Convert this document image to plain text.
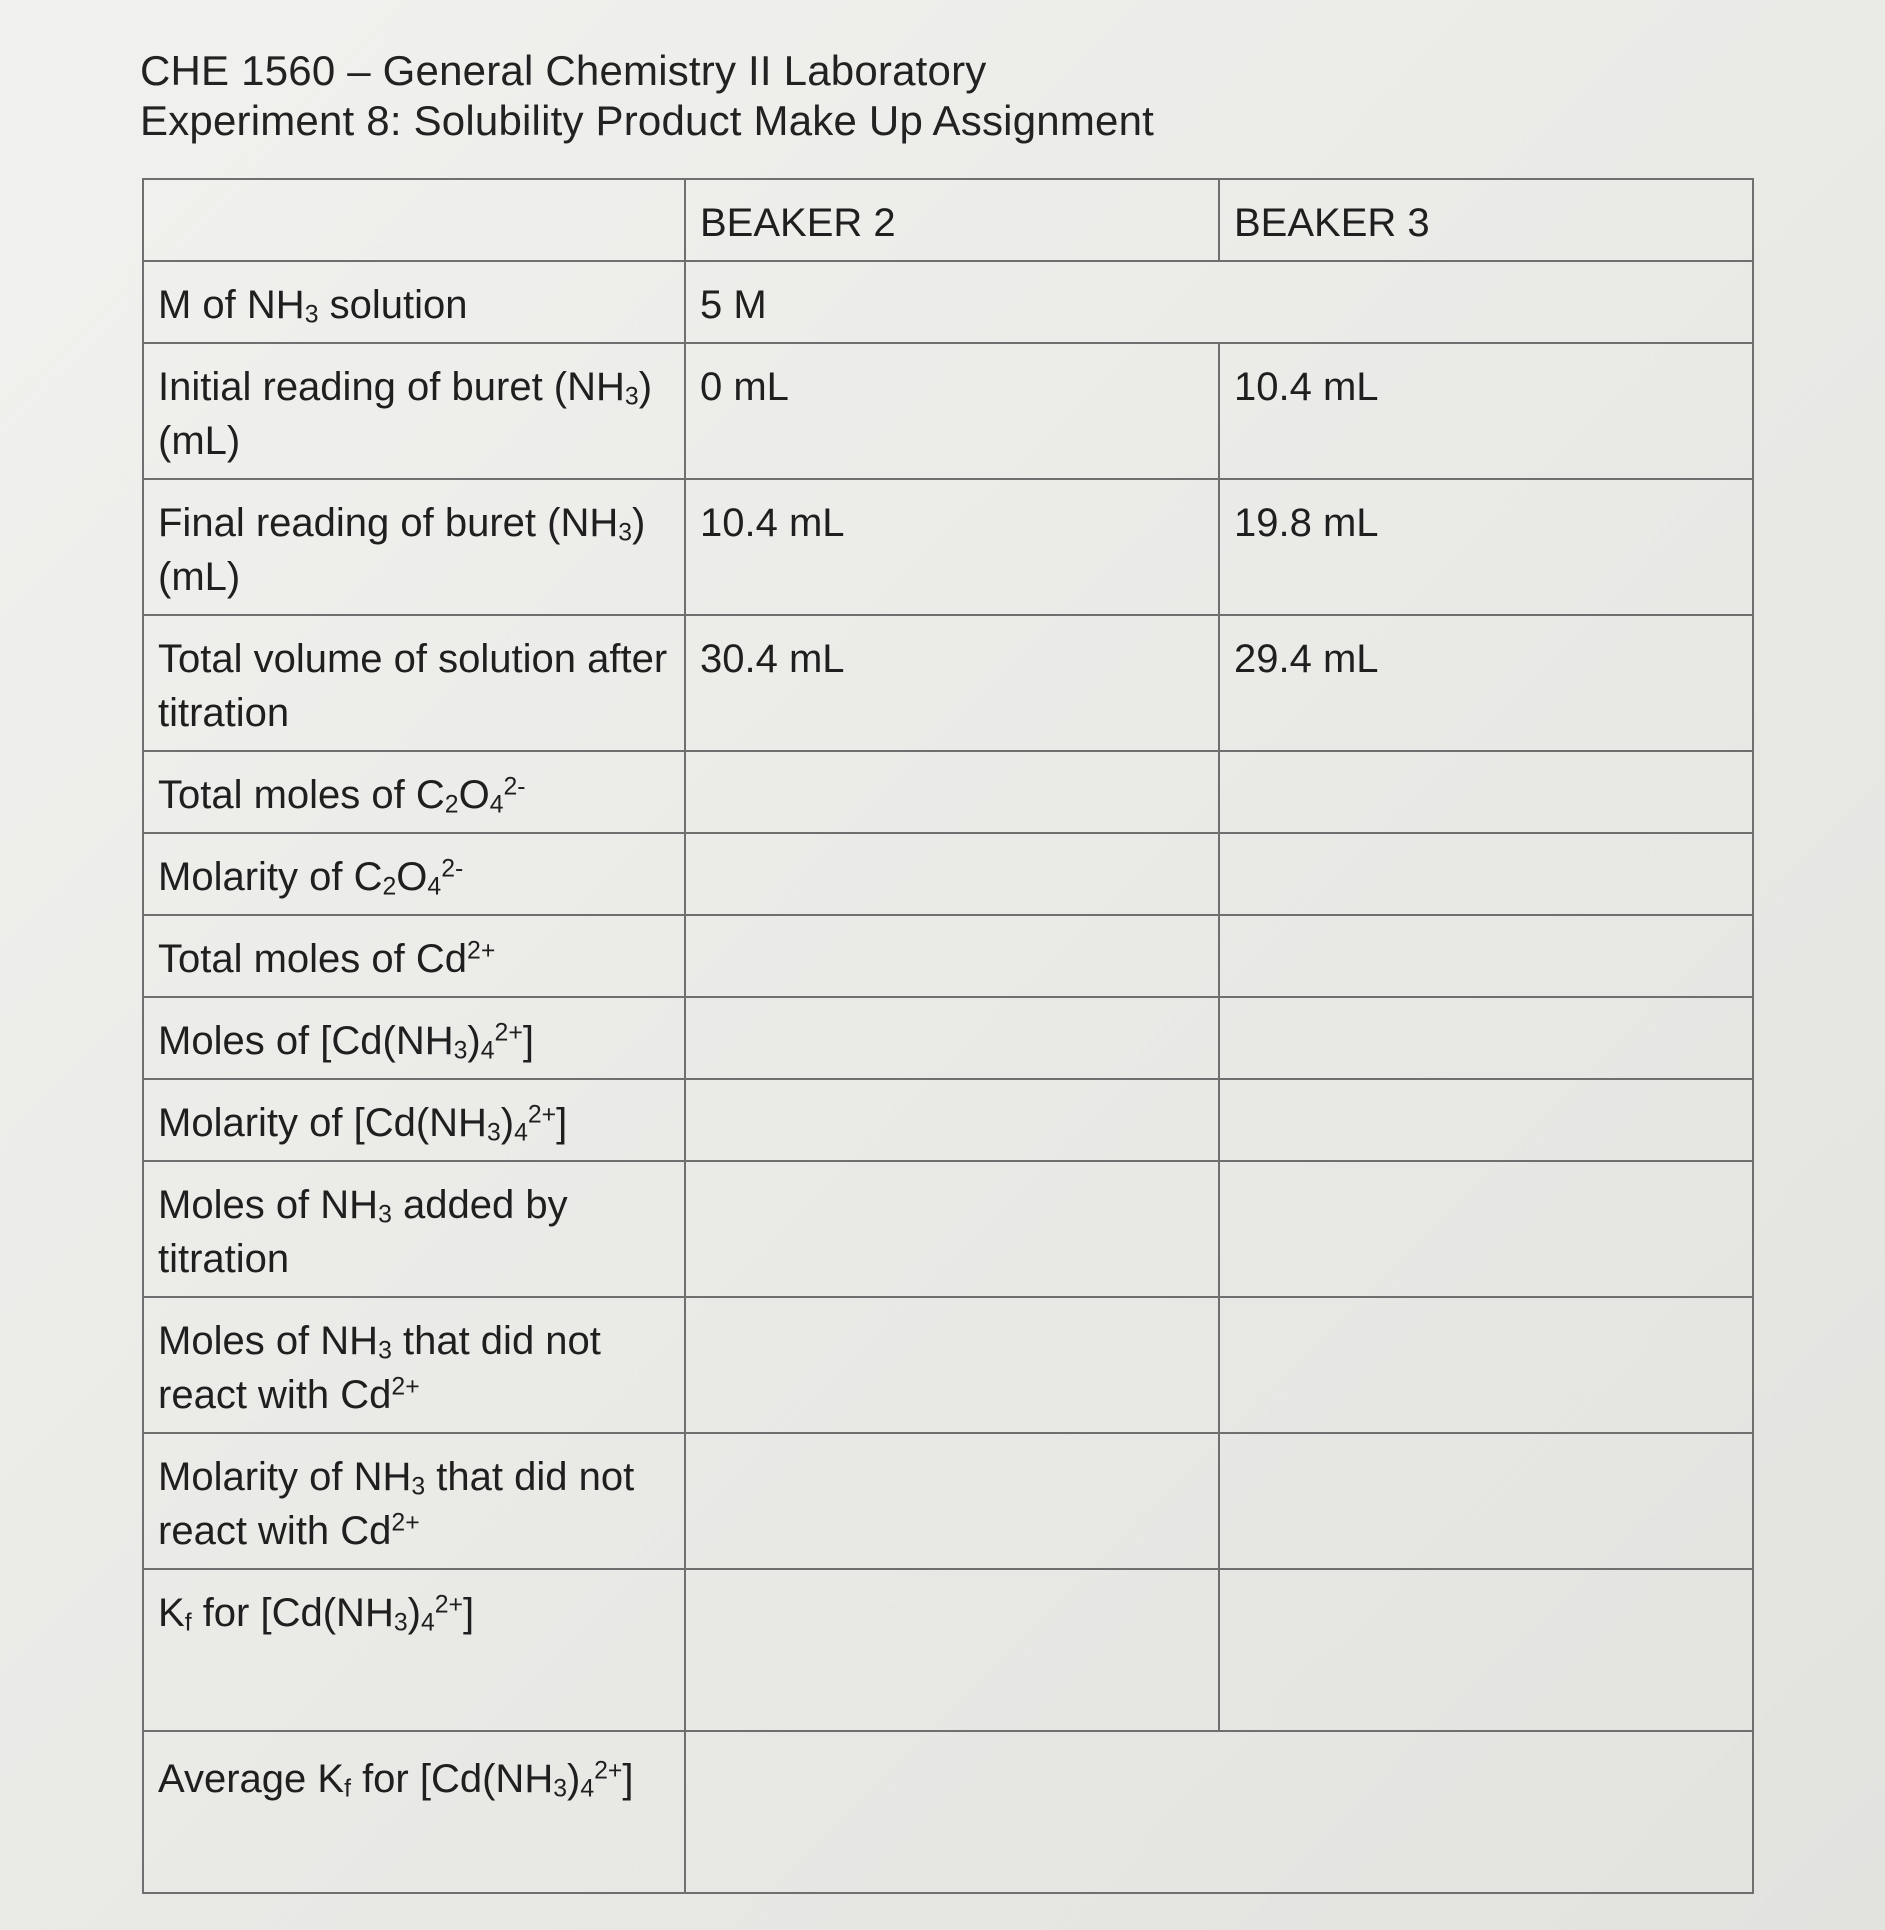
CHE 1560 – General Chemistry II Laboratory
Experiment 8: Solubility Product Make Up Assignment
	BEAKER 2	BEAKER 3
M of $NH_3$ solution	5 M	
Initial reading of buret $(NH_3)$ (mL)	0 mL	10.4 mL
Final reading of buret $(NH_3)$ (mL)	10.4 mL	19.8 mL
Total volume of solution after titration	30.4 mL	29.4 mL
Total moles of $C_2O_4^{2-}$		
Molarity of $C_2O_4^{2-}$		
Total moles of $Cd^{2+}$		
Moles of $[Cd(NH_3)_4^{2+}]$		
Molarity of $[Cd(NH_3)_4^{2+}]$		
Moles of $NH_3$ added by titration		
Moles of $NH_3$ that did not react with $Cd^{2+}$		
Molarity of $NH_3$ that did not react with $Cd^{2+}$		
$K_f$ for $[Cd(NH_3)_4^{2+}]$		
Average $K_f$ for $[Cd(NH_3)_4^{2+}]$		
